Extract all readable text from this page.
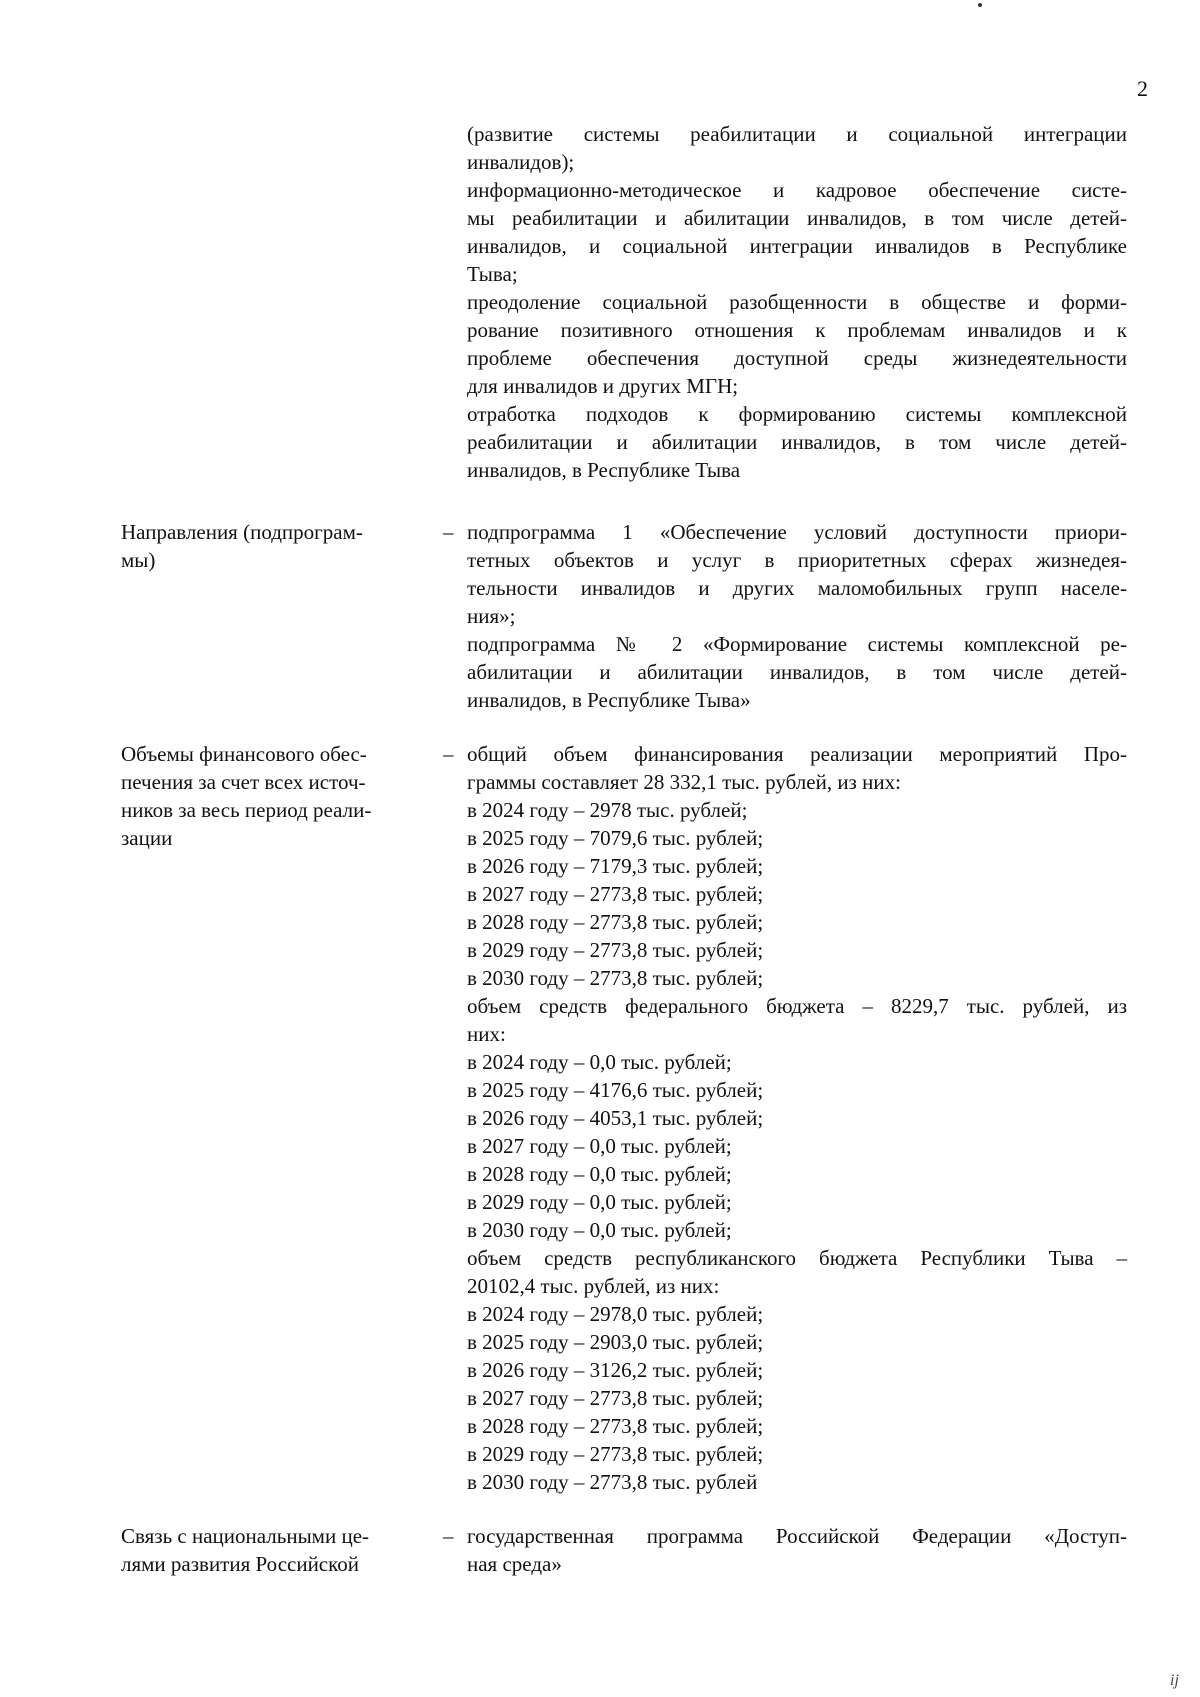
2
(развитие системы реабилитации и социальной интеграции
инвалидов);
информационно-методическое и кадровое обеспечение систе-
мы реабилитации и абилитации инвалидов, в том числе детей-
инвалидов, и социальной интеграции инвалидов в Республике
Тыва;
преодоление социальной разобщенности в обществе и форми-
рование позитивного отношения к проблемам инвалидов и к
проблеме обеспечения доступной среды жизнедеятельности
для инвалидов и других МГН;
отработка подходов к формированию системы комплексной
реабилитации и абилитации инвалидов, в том числе детей-
инвалидов, в Республике Тыва
Направления (подпрограм-
мы)
– подпрограмма 1 «Обеспечение условий доступности приори-
тетных объектов и услуг в приоритетных сферах жизнедея-
тельности инвалидов и других маломобильных групп населе-
ния»;
подпрограмма № 2 «Формирование системы комплексной ре-
абилитации и абилитации инвалидов, в том числе детей-
инвалидов, в Республике Тыва»
Объемы финансового обес-
печения за счет всех источ-
ников за весь период реали-
зации
– общий объем финансирования реализации мероприятий Про-
граммы составляет 28 332,1 тыс. рублей, из них:
в 2024 году – 2978 тыс. рублей;
в 2025 году – 7079,6 тыс. рублей;
в 2026 году – 7179,3 тыс. рублей;
в 2027 году – 2773,8 тыс. рублей;
в 2028 году – 2773,8 тыс. рублей;
в 2029 году – 2773,8 тыс. рублей;
в 2030 году – 2773,8 тыс. рублей;
объем средств федерального бюджета – 8229,7 тыс. рублей, из
них:
в 2024 году – 0,0 тыс. рублей;
в 2025 году – 4176,6 тыс. рублей;
в 2026 году – 4053,1 тыс. рублей;
в 2027 году – 0,0 тыс. рублей;
в 2028 году – 0,0 тыс. рублей;
в 2029 году – 0,0 тыс. рублей;
в 2030 году – 0,0 тыс. рублей;
объем средств республиканского бюджета Республики Тыва –
20102,4 тыс. рублей, из них:
в 2024 году – 2978,0 тыс. рублей;
в 2025 году – 2903,0 тыс. рублей;
в 2026 году – 3126,2 тыс. рублей;
в 2027 году – 2773,8 тыс. рублей;
в 2028 году – 2773,8 тыс. рублей;
в 2029 году – 2773,8 тыс. рублей;
в 2030 году – 2773,8 тыс. рублей
Связь с национальными це-
лями развития Российской
– государственная программа Российской Федерации «Доступ-
ная среда»
ij
